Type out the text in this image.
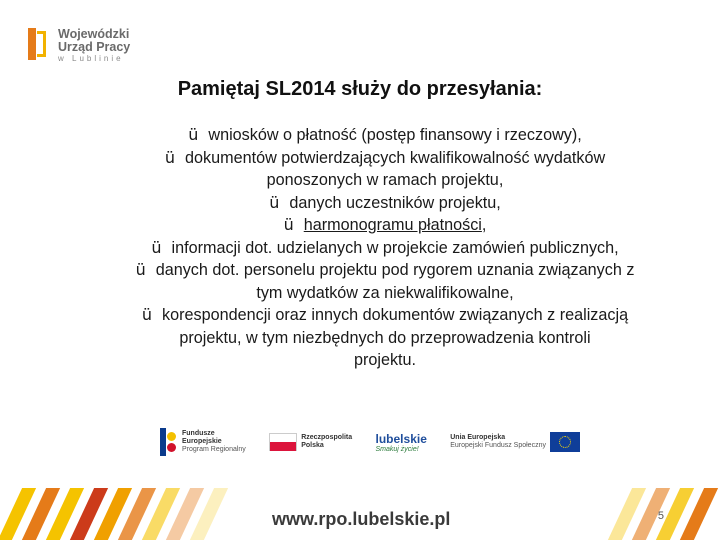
Wojewódzki
Urząd Pracy
w Lublinie
Pamiętaj SL2014 służy do przesyłania:
ü wniosków o płatność (postęp finansowy i rzeczowy),
ü dokumentów potwierdzających kwalifikowalność wydatków
ponoszonych w ramach projektu,
ü danych uczestników projektu,
ü harmonogramu płatności,
ü informacji dot. udzielanych w projekcie zamówień publicznych,
ü danych dot. personelu projektu pod rygorem uznania związanych z
tym wydatków za niekwalifikowalne,
ü korespondencji oraz innych dokumentów związanych z realizacją
projektu, w tym niezbędnych do przeprowadzenia kontroli
projektu.
Fundusze
Europejskie
Program Regionalny
Rzeczpospolita
Polska	lubelskie
Smakuj życie!
Unia Europejska
Europejski Fundusz Społeczny
www.rpo.lubelskie.pl	5
